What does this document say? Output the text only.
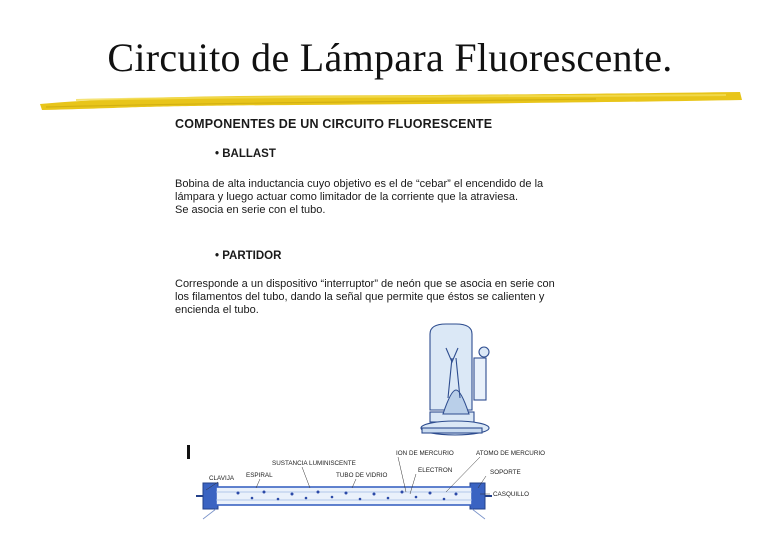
Circuito de Lámpara Fluorescente.
COMPONENTES DE UN CIRCUITO FLUORESCENTE
• BALLAST

Bobina de alta inductancia cuyo objetivo es el de “cebar” el encendido de la
lámpara y luego actuar como limitador de la corriente que la atraviesa.
Se asocia en serie con el tubo.

• PARTIDOR

Corresponde a un dispositivo “interruptor” de neón que se asocia en serie con
los filamentos del tubo, dando la señal que permite que éstos se calienten y
encienda el tubo.

ION DE MERCURIO	ATOMO DE MERCURIO
SUSTANCIA LUMINISCENTE
ELECTRON
ESPIRAL	TUBO DE VIDRIO	SOPORTE
CLAVIJA
CASQUILLO
